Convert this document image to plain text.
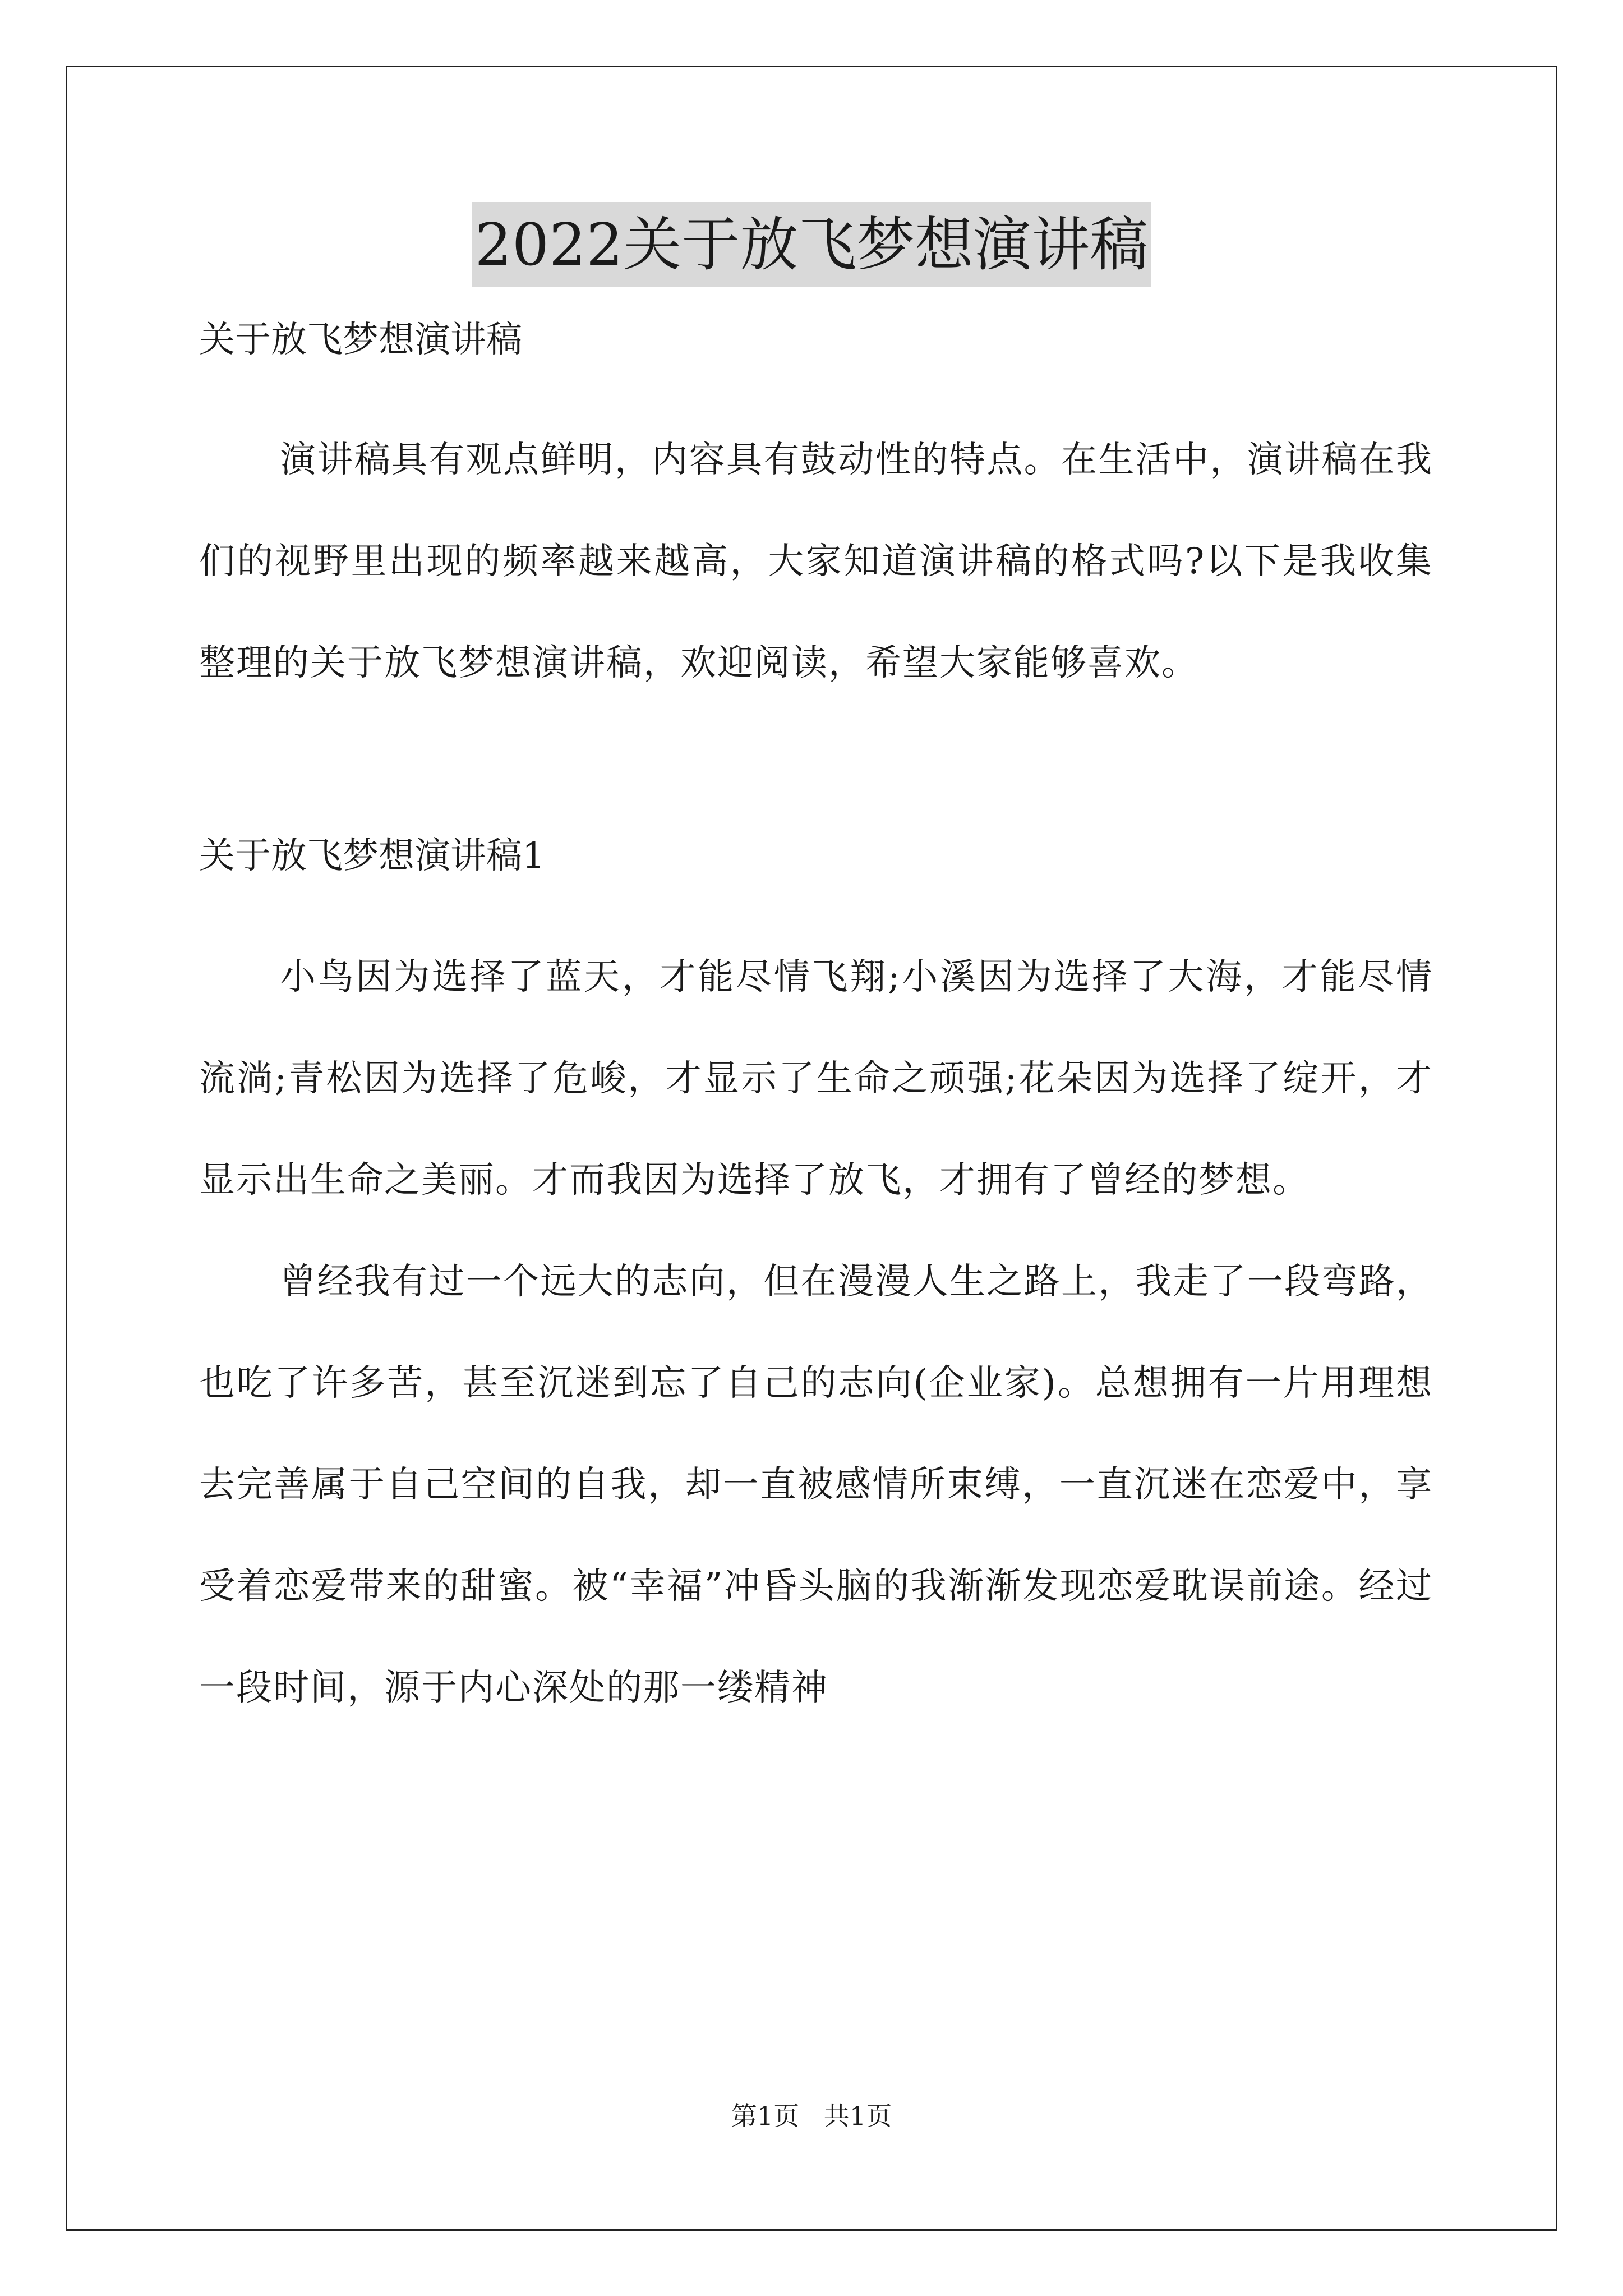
2022关于放飞梦想演讲稿

关于放飞梦想演讲稿

演讲稿具有观点鲜明，内容具有鼓动性的特点。在生活中，演讲稿在我们的视野里出现的频率越来越高，大家知道演讲稿的格式吗?以下是我收集整理的关于放飞梦想演讲稿，欢迎阅读，希望大家能够喜欢。

关于放飞梦想演讲稿1

小鸟因为选择了蓝天，才能尽情飞翔;小溪因为选择了大海，才能尽情流淌;青松因为选择了危峻，才显示了生命之顽强;花朵因为选择了绽开，才显示出生命之美丽。才而我因为选择了放飞，才拥有了曾经的梦想。

曾经我有过一个远大的志向，但在漫漫人生之路上，我走了一段弯路，也吃了许多苦，甚至沉迷到忘了自己的志向(企业家)。总想拥有一片用理想去完善属于自己空间的自我，却一直被感情所束缚，一直沉迷在恋爱中，享受着恋爱带来的甜蜜。被“幸福”冲昏头脑的我渐渐发现恋爱耽误前途。经过一段时间，源于内心深处的那一缕精神

第1页   共1页
